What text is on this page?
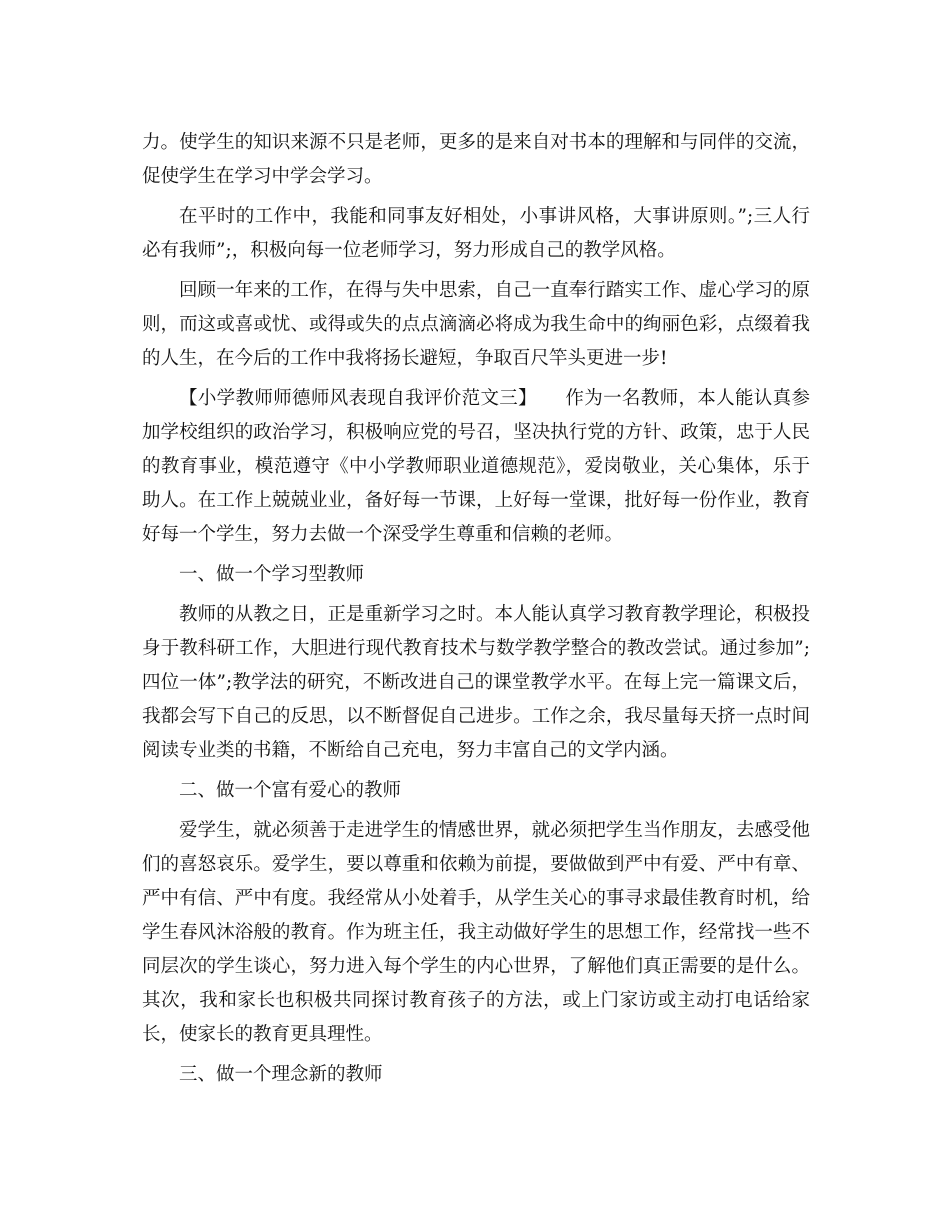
力。使学生的知识来源不只是老师，更多的是来自对书本的理解和与同伴的交流，促使学生在学习中学会学习。

在平时的工作中，我能和同事友好相处，小事讲风格，大事讲原则。”;三人行必有我师”;，积极向每一位老师学习，努力形成自己的教学风格。

回顾一年来的工作，在得与失中思索，自己一直奉行踏实工作、虚心学习的原则，而这或喜或忧、或得或失的点点滴滴必将成为我生命中的绚丽色彩，点缀着我的人生，在今后的工作中我将扬长避短，争取百尺竿头更进一步!

【小学教师师德师风表现自我评价范文三】　　作为一名教师，本人能认真参加学校组织的政治学习，积极响应党的号召，坚决执行党的方针、政策，忠于人民的教育事业，模范遵守《中小学教师职业道德规范》，爱岗敬业，关心集体，乐于助人。在工作上兢兢业业，备好每一节课，上好每一堂课，批好每一份作业，教育好每一个学生，努力去做一个深受学生尊重和信赖的老师。

一、做一个学习型教师

教师的从教之日，正是重新学习之时。本人能认真学习教育教学理论，积极投身于教科研工作，大胆进行现代教育技术与数学教学整合的教改尝试。通过参加”;四位一体”;教学法的研究，不断改进自己的课堂教学水平。在每上完一篇课文后，我都会写下自己的反思，以不断督促自己进步。工作之余，我尽量每天挤一点时间阅读专业类的书籍，不断给自己充电，努力丰富自己的文学内涵。

二、做一个富有爱心的教师

爱学生，就必须善于走进学生的情感世界，就必须把学生当作朋友，去感受他们的喜怒哀乐。爱学生，要以尊重和依赖为前提，要做做到严中有爱、严中有章、严中有信、严中有度。我经常从小处着手，从学生关心的事寻求最佳教育时机，给学生春风沐浴般的教育。作为班主任，我主动做好学生的思想工作，经常找一些不同层次的学生谈心，努力进入每个学生的内心世界，了解他们真正需要的是什么。其次，我和家长也积极共同探讨教育孩子的方法，或上门家访或主动打电话给家长，使家长的教育更具理性。

三、做一个理念新的教师
